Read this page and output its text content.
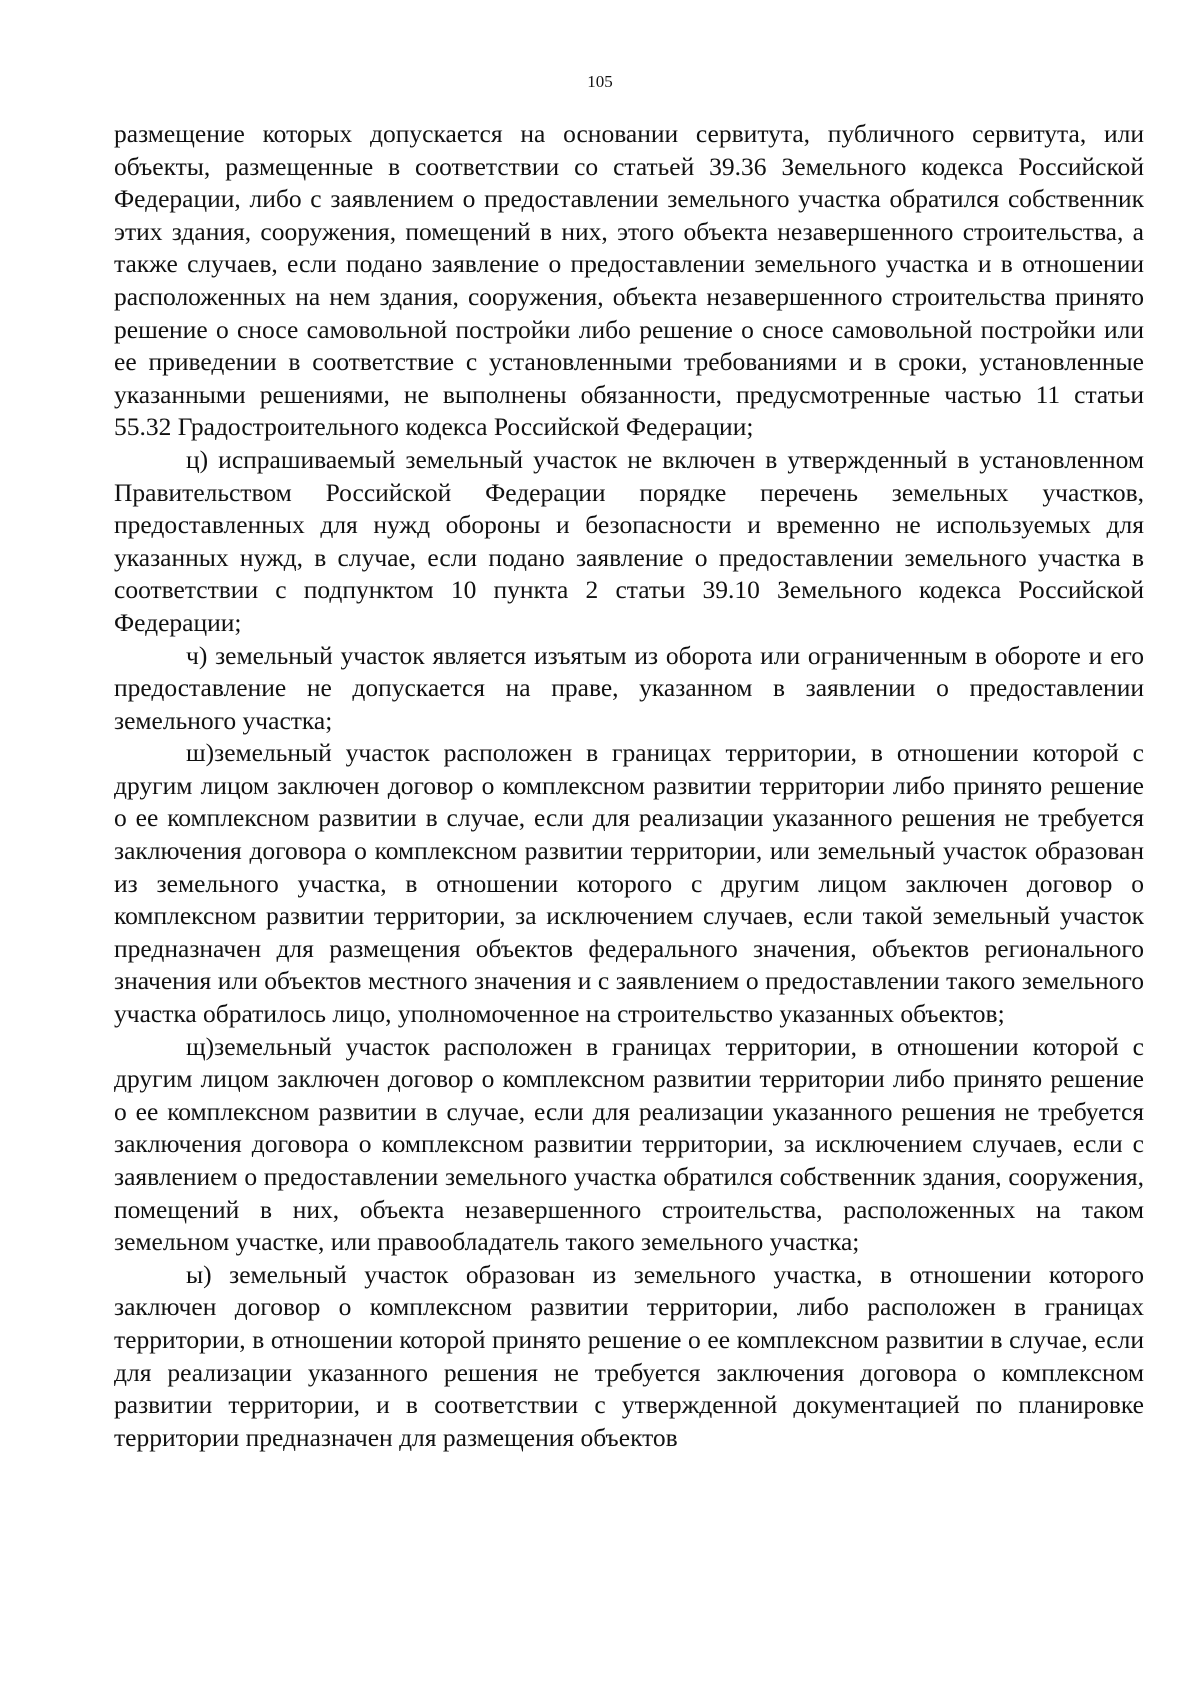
105

размещение которых допускается на основании сервитута, публичного сервитута, или объекты, размещенные в соответствии со статьей 39.36 Земельного кодекса Российской Федерации, либо с заявлением о предоставлении земельного участка обратился собственник этих здания, сооружения, помещений в них, этого объекта незавершенного строительства, а также случаев, если подано заявление о предоставлении земельного участка и в отношении расположенных на нем здания, сооружения, объекта незавершенного строительства принято решение о сносе самовольной постройки либо решение о сносе самовольной постройки или ее приведении в соответствие с установленными требованиями и в сроки, установленные указанными решениями, не выполнены обязанности, предусмотренные частью 11 статьи 55.32 Градостроительного кодекса Российской Федерации;

ц) испрашиваемый земельный участок не включен в утвержденный в установленном Правительством Российской Федерации порядке перечень земельных участков, предоставленных для нужд обороны и безопасности и временно не используемых для указанных нужд, в случае, если подано заявление о предоставлении земельного участка в соответствии с подпунктом 10 пункта 2 статьи 39.10 Земельного кодекса Российской Федерации;

ч) земельный участок является изъятым из оборота или ограниченным в обороте и его предоставление не допускается на праве, указанном в заявлении о предоставлении земельного участка;

ш)земельный участок расположен в границах территории, в отношении которой с другим лицом заключен договор о комплексном развитии территории либо принято решение о ее комплексном развитии в случае, если для реализации указанного решения не требуется заключения договора о комплексном развитии территории, или земельный участок образован из земельного участка, в отношении которого с другим лицом заключен договор о комплексном развитии территории, за исключением случаев, если такой земельный участок предназначен для размещения объектов федерального значения, объектов регионального значения или объектов местного значения и с заявлением о предоставлении такого земельного участка обратилось лицо, уполномоченное на строительство указанных объектов;

щ)земельный участок расположен в границах территории, в отношении которой с другим лицом заключен договор о комплексном развитии территории либо принято решение о ее комплексном развитии в случае, если для реализации указанного решения не требуется заключения договора о комплексном развитии территории, за исключением случаев, если с заявлением о предоставлении земельного участка обратился собственник здания, сооружения, помещений в них, объекта незавершенного строительства, расположенных на таком земельном участке, или правообладатель такого земельного участка;

ы) земельный участок образован из земельного участка, в отношении которого заключен договор о комплексном развитии территории, либо расположен в границах территории, в отношении которой принято решение о ее комплексном развитии в случае, если для реализации указанного решения не требуется заключения договора о комплексном развитии территории, и в соответствии с утвержденной документацией по планировке территории предназначен для размещения объектов
